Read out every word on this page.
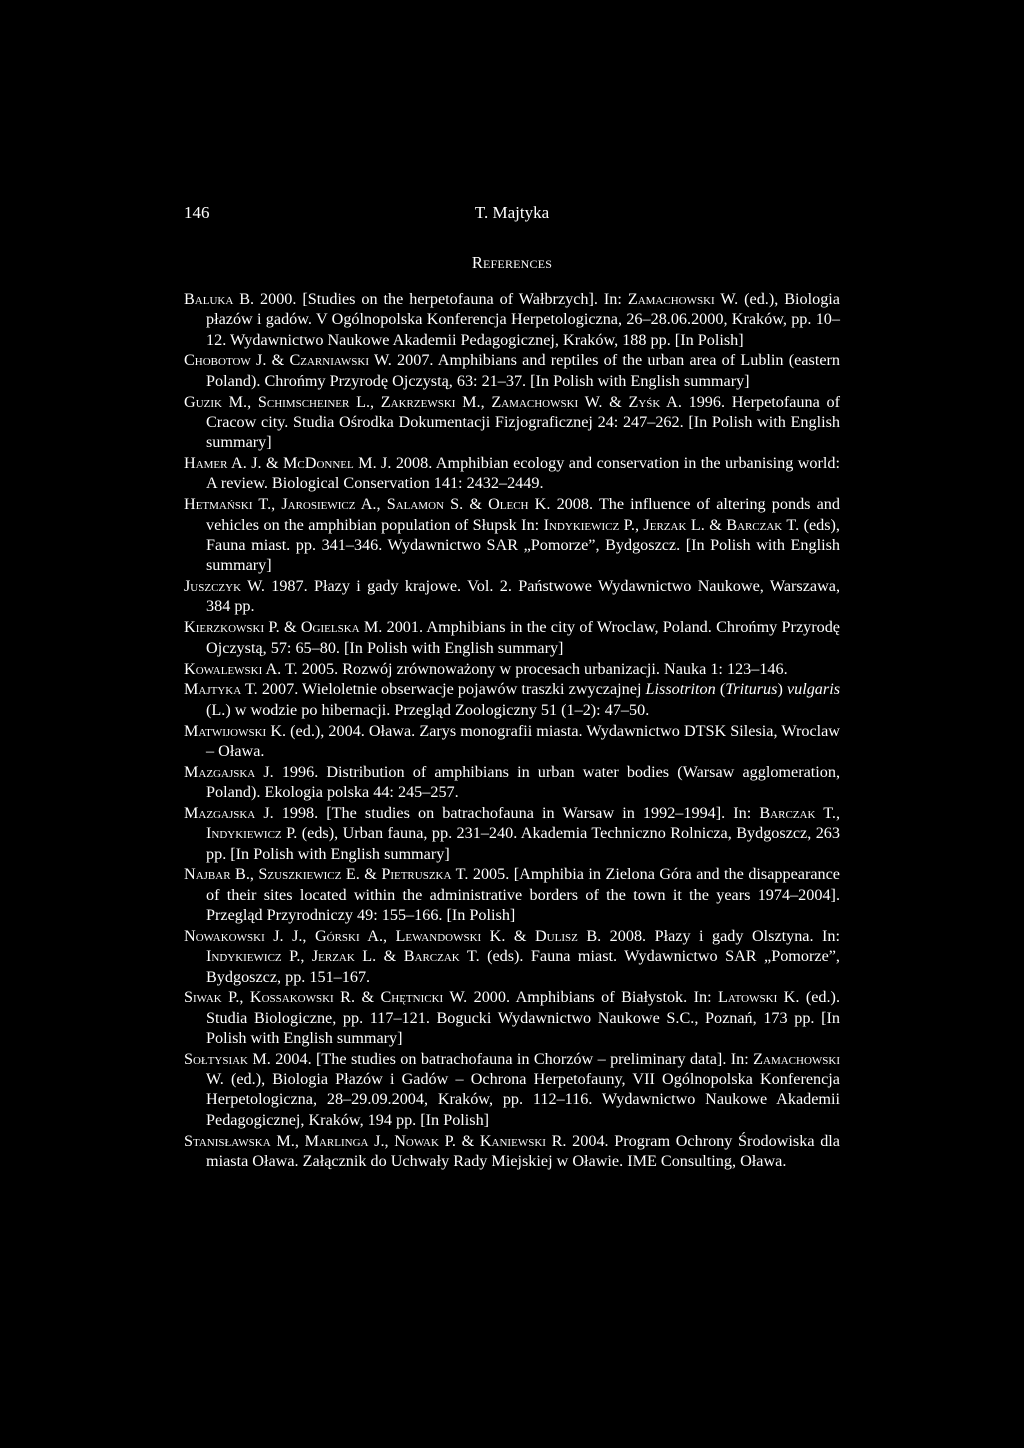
146	T. Majtyka
References

Baluka B. 2000. [Studies on the herpetofauna of Wałbrzych]. In: Zamachowski W. (ed.), Biologia płazów i gadów. V Ogólnopolska Konferencja Herpetologiczna, 26–28.06.2000, Kraków, pp. 10–12. Wydawnictwo Naukowe Akademii Pedagogicznej, Kraków, 188 pp. [In Polish]

Chobotow J. & Czarniawski W. 2007. Amphibians and reptiles of the urban area of Lublin (eastern Poland). Chrońmy Przyrodę Ojczystą, 63: 21–37. [In Polish with English summary]

Guzik M., Schimscheiner L., Zakrzewski M., Zamachowski W. & Zyśk A. 1996. Herpetofauna of Cracow city. Studia Ośrodka Dokumentacji Fizjograficznej 24: 247–262. [In Polish with English summary]

Hamer A. J. & McDonnel M. J. 2008. Amphibian ecology and conservation in the urbanising world: A review. Biological Conservation 141: 2432–2449.

Hetmański T., Jarosiewicz A., Salamon S. & Olech K. 2008. The influence of altering ponds and vehicles on the amphibian population of Słupsk In: Indykiewicz P., Jerzak L. & Barczak T. (eds), Fauna miast. pp. 341–346. Wydawnictwo SAR „Pomorze”, Bydgoszcz. [In Polish with English summary]

Juszczyk W. 1987. Płazy i gady krajowe. Vol. 2. Państwowe Wydawnictwo Naukowe, Warszawa, 384 pp.

Kierzkowski P. & Ogielska M. 2001. Amphibians in the city of Wroclaw, Poland. Chrońmy Przyrodę Ojczystą, 57: 65–80. [In Polish with English summary]

Kowalewski A. T. 2005. Rozwój zrównoważony w procesach urbanizacji. Nauka 1: 123–146.

Majtyka T. 2007. Wieloletnie obserwacje pojawów traszki zwyczajnej Lissotriton (Triturus) vulgaris (L.) w wodzie po hibernacji. Przegląd Zoologiczny 51 (1–2): 47–50.

Matwijowski K. (ed.), 2004. Oława. Zarys monografii miasta. Wydawnictwo DTSK Silesia, Wroclaw – Oława.

Mazgajska J. 1996. Distribution of amphibians in urban water bodies (Warsaw agglomeration, Poland). Ekologia polska 44: 245–257.

Mazgajska J. 1998. [The studies on batrachofauna in Warsaw in 1992–1994]. In: Barczak T., Indykiewicz P. (eds), Urban fauna, pp. 231–240. Akademia Techniczno Rolnicza, Bydgoszcz, 263 pp. [In Polish with English summary]

Najbar B., Szuszkiewicz E. & Pietruszka T. 2005. [Amphibia in Zielona Góra and the disappearance of their sites located within the administrative borders of the town it the years 1974–2004]. Przegląd Przyrodniczy 49: 155–166. [In Polish]

Nowakowski J. J., Górski A., Lewandowski K. & Dulisz B. 2008. Płazy i gady Olsztyna. In: Indykiewicz P., Jerzak L. & Barczak T. (eds). Fauna miast. Wydawnictwo SAR „Pomorze”, Bydgoszcz, pp. 151–167.

Siwak P., Kossakowski R. & Chętnicki W. 2000. Amphibians of Białystok. In: Latowski K. (ed.). Studia Biologiczne, pp. 117–121. Bogucki Wydawnictwo Naukowe S.C., Poznań, 173 pp. [In Polish with English summary]

Sołtysiak M. 2004. [The studies on batrachofauna in Chorzów – preliminary data]. In: Zamachowski W. (ed.), Biologia Płazów i Gadów – Ochrona Herpetofauny, VII Ogólnopolska Konferencja Herpetologiczna, 28–29.09.2004, Kraków, pp. 112–116. Wydawnictwo Naukowe Akademii Pedagogicznej, Kraków, 194 pp. [In Polish]

Stanisławska M., Marlinga J., Nowak P. & Kaniewski R. 2004. Program Ochrony Środowiska dla miasta Oława. Załącznik do Uchwały Rady Miejskiej w Oławie. IME Consulting, Oława.
